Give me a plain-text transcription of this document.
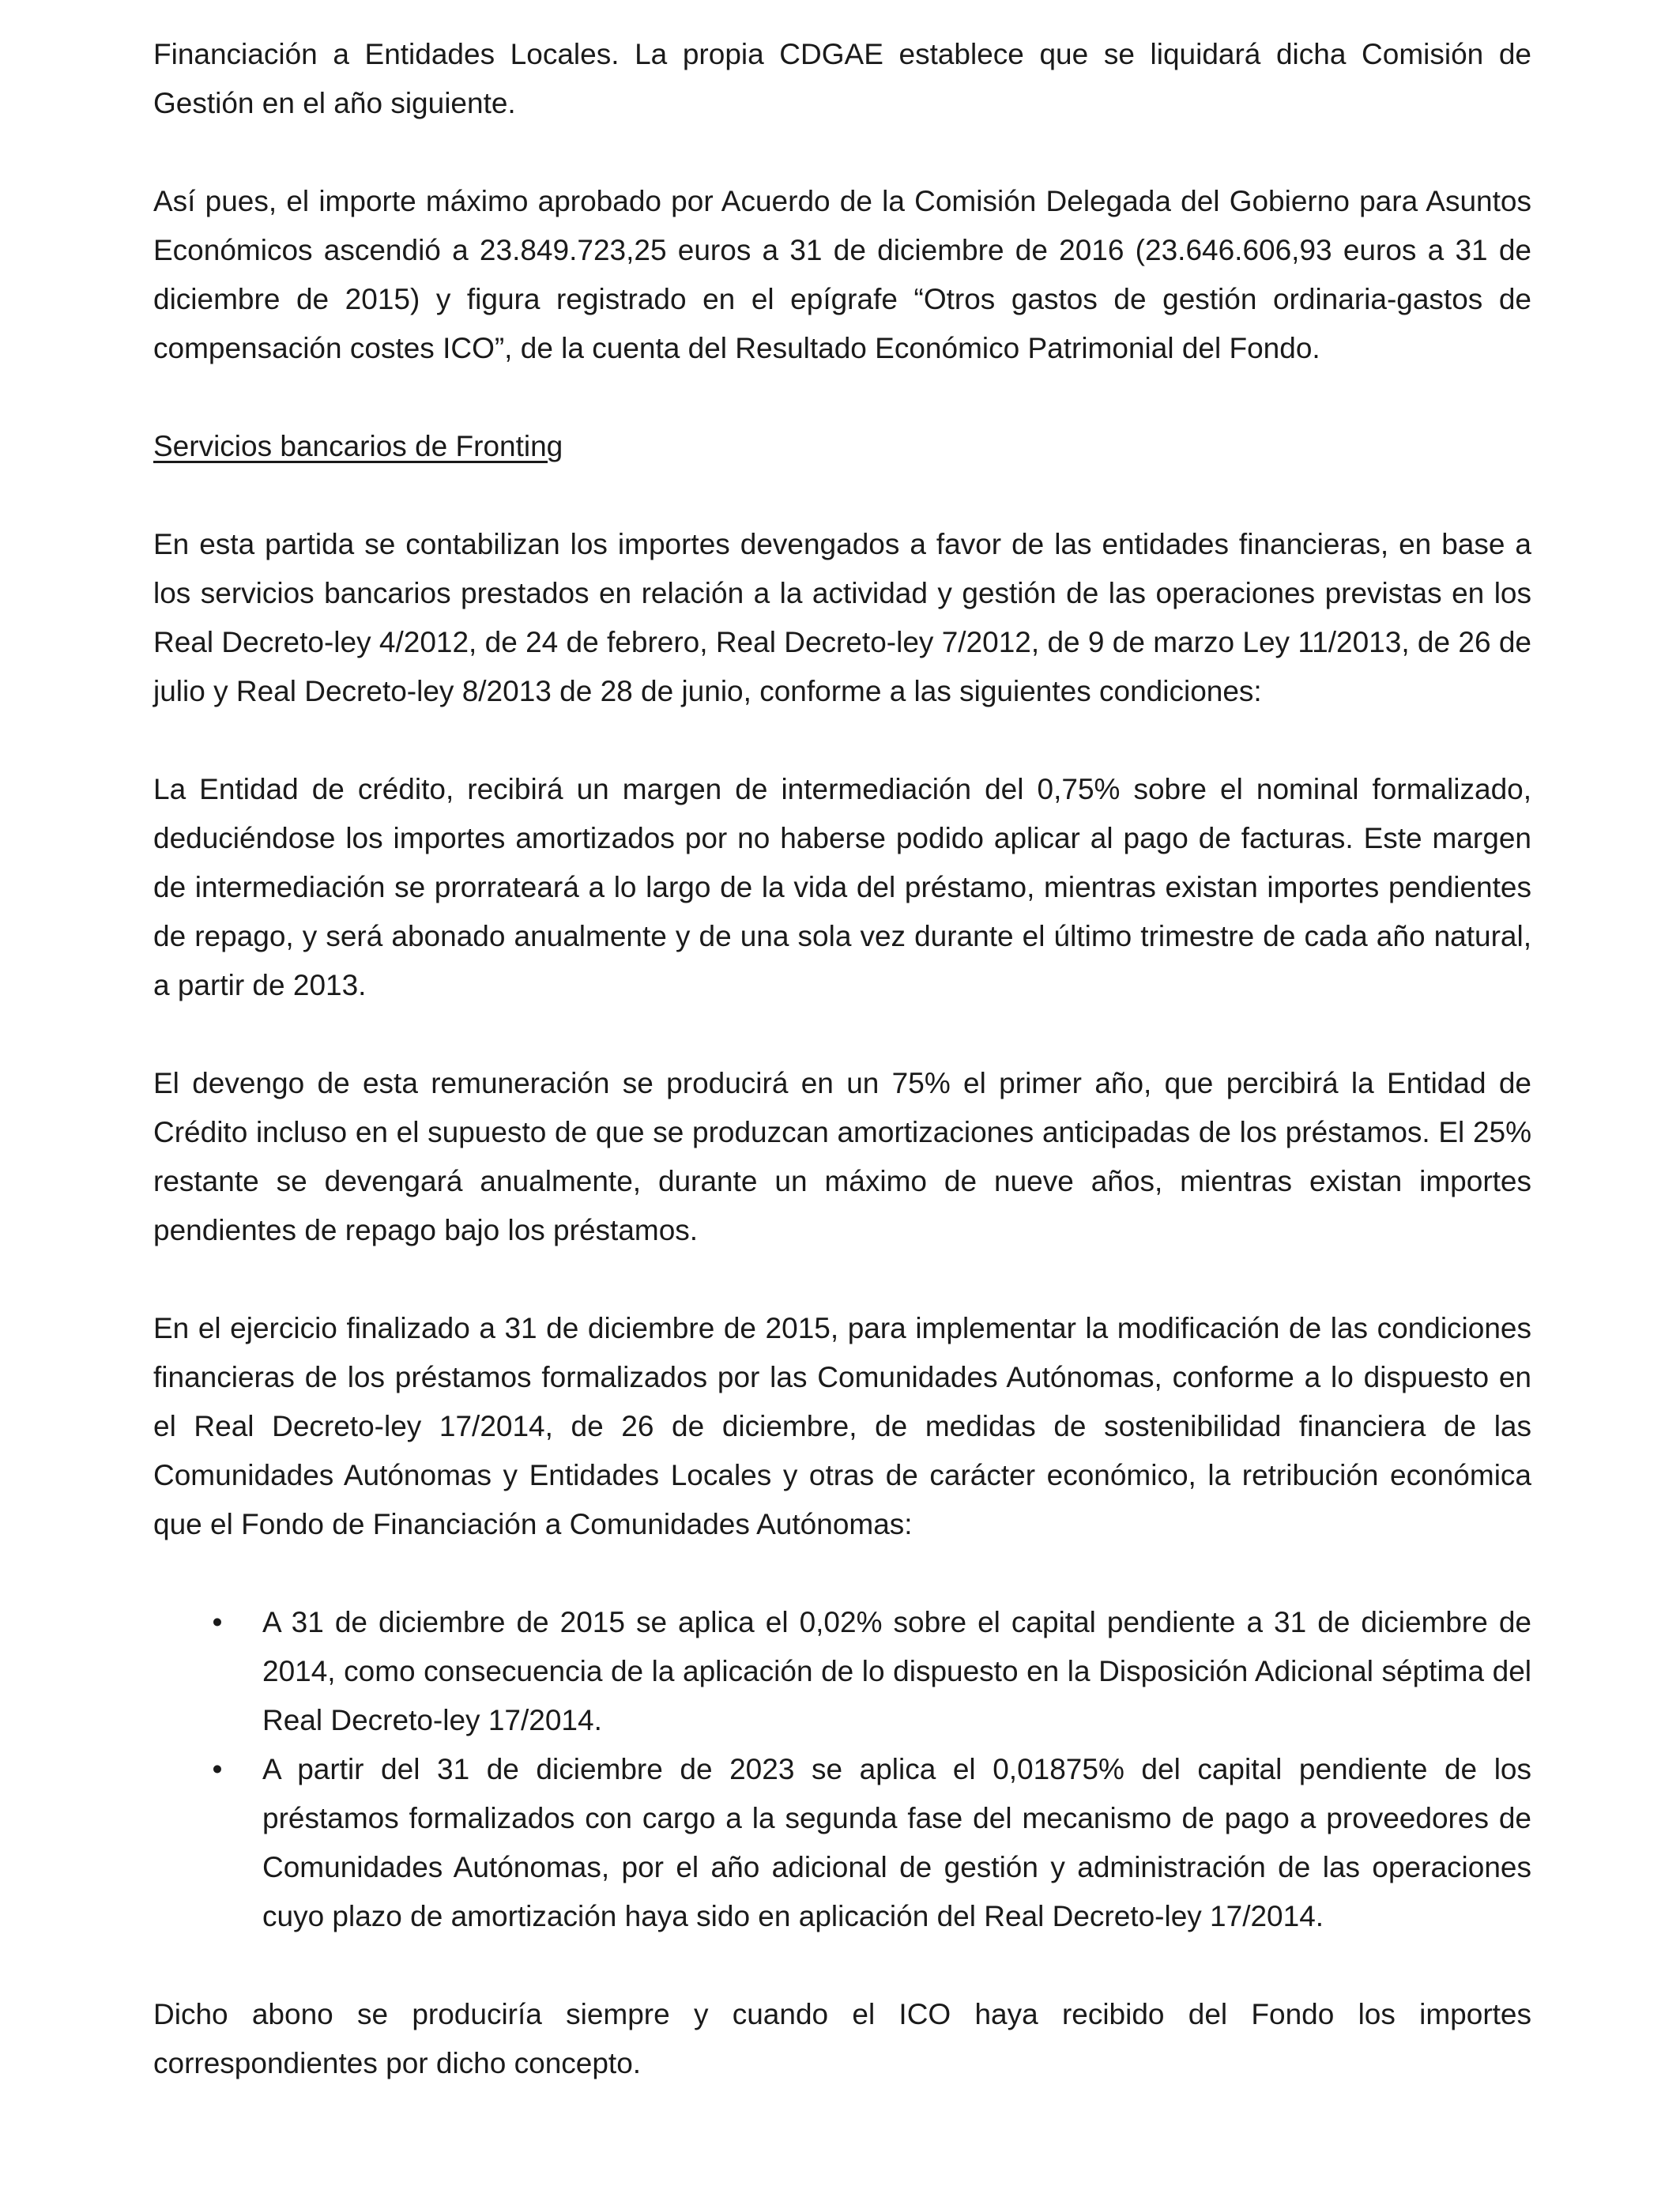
Financiación a Entidades Locales. La propia CDGAE establece que se liquidará dicha Comisión de Gestión en el año siguiente.

Así pues, el importe máximo aprobado por Acuerdo de la Comisión Delegada del Gobierno para Asuntos Económicos ascendió a 23.849.723,25 euros a 31 de diciembre de 2016 (23.646.606,93 euros a 31 de diciembre de 2015) y figura registrado en el epígrafe “Otros gastos de gestión ordinaria-gastos de compensación costes ICO”, de la cuenta del Resultado Económico Patrimonial del Fondo.

Servicios bancarios de Fronting

En esta partida se contabilizan los importes devengados a favor de las entidades financieras, en base a los servicios bancarios prestados en relación a la actividad y gestión de las operaciones previstas en los Real Decreto-ley 4/2012, de 24 de febrero, Real Decreto-ley 7/2012, de 9 de marzo Ley 11/2013, de 26 de julio y Real Decreto-ley 8/2013 de 28 de junio, conforme a las siguientes condiciones:

La Entidad de crédito, recibirá un margen de intermediación del 0,75% sobre el nominal formalizado, deduciéndose los importes amortizados por no haberse podido aplicar al pago de facturas. Este margen de intermediación se prorrateará a lo largo de la vida del préstamo, mientras existan importes pendientes de repago, y será abonado anualmente y de una sola vez durante el último trimestre de cada año natural, a partir de 2013.

El devengo de esta remuneración se producirá en un 75% el primer año, que percibirá la Entidad de Crédito incluso en el supuesto de que se produzcan amortizaciones anticipadas de los préstamos. El 25% restante se devengará anualmente, durante un máximo de nueve años, mientras existan importes pendientes de repago bajo los préstamos.

En el ejercicio finalizado a 31 de diciembre de 2015, para implementar la modificación de las condiciones financieras de los préstamos formalizados por las Comunidades Autónomas, conforme a lo dispuesto en el Real Decreto-ley 17/2014, de 26 de diciembre, de medidas de sostenibilidad financiera de las Comunidades Autónomas y Entidades Locales y otras de carácter económico, la retribución económica que el Fondo de Financiación a Comunidades Autónomas:

• A 31 de diciembre de 2015 se aplica el 0,02% sobre el capital pendiente a 31 de diciembre de 2014, como consecuencia de la aplicación de lo dispuesto en la Disposición Adicional séptima del Real Decreto-ley 17/2014.
• A partir del 31 de diciembre de 2023 se aplica el 0,01875% del capital pendiente de los préstamos formalizados con cargo a la segunda fase del mecanismo de pago a proveedores de Comunidades Autónomas, por el año adicional de gestión y administración de las operaciones cuyo plazo de amortización haya sido en aplicación del Real Decreto-ley 17/2014.

Dicho abono se produciría siempre y cuando el ICO haya recibido del Fondo los importes correspondientes por dicho concepto.
